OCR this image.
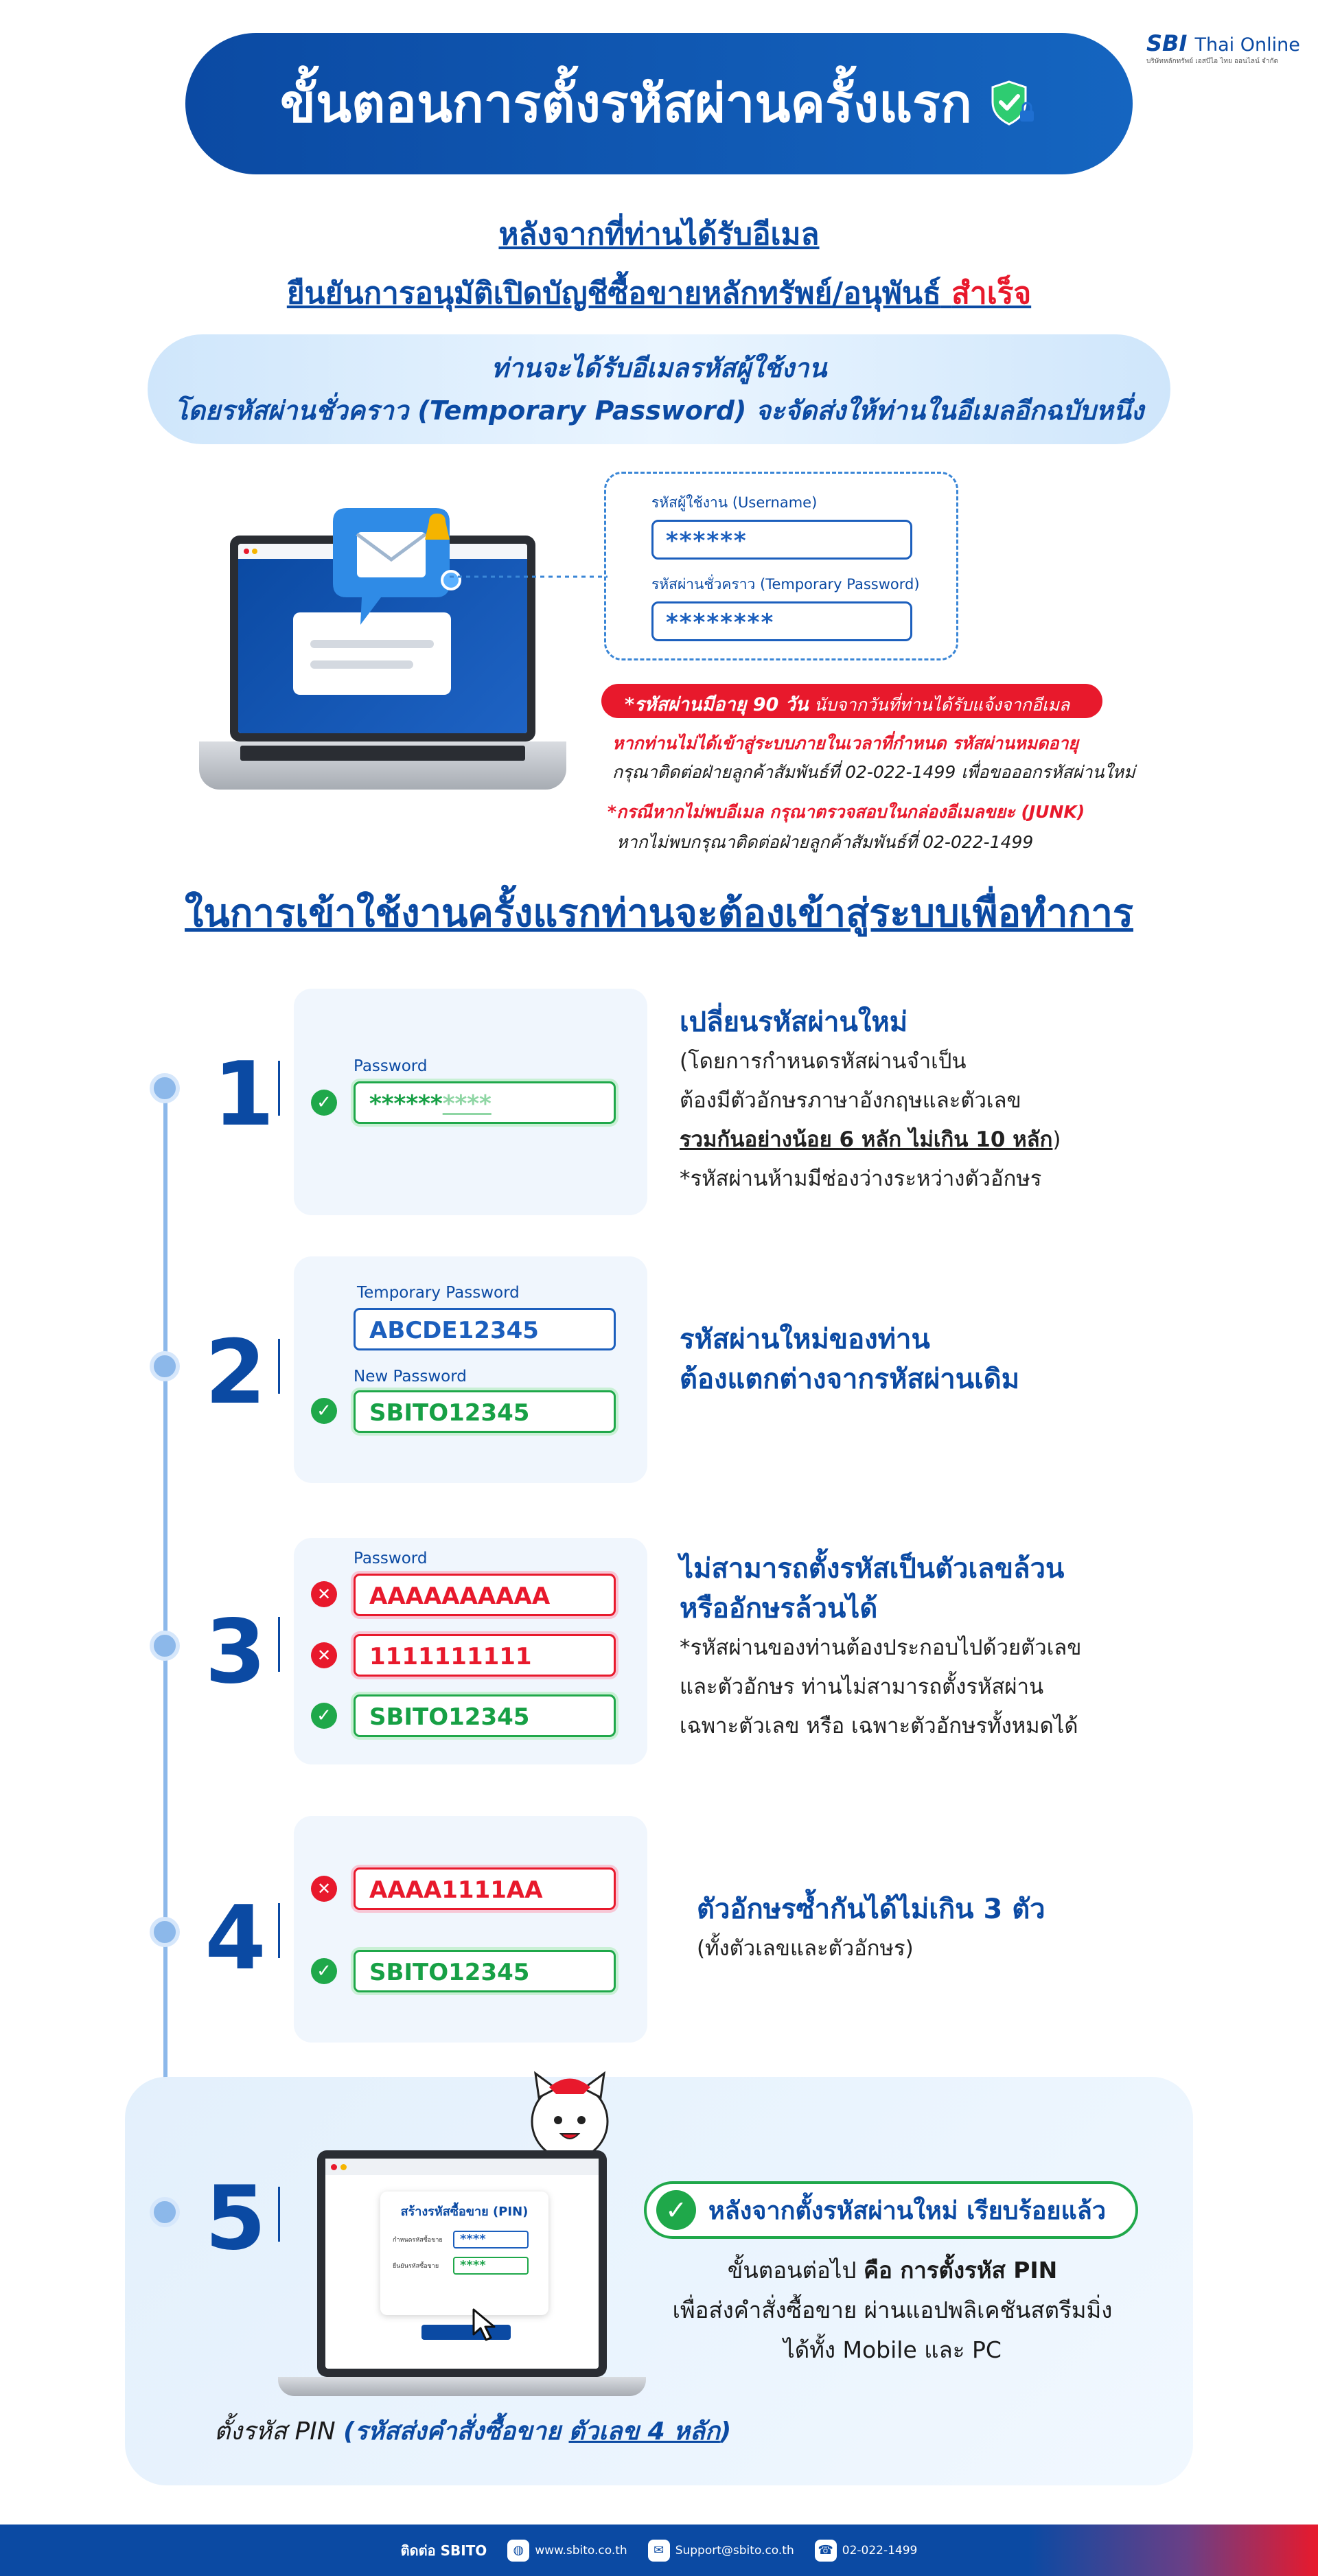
ขั้นตอนการตั้งรหัสผ่านครั้งแรก
SBI Thai Online
บริษัทหลักทรัพย์ เอสบีไอ ไทย ออนไลน์ จำกัด
หลังจากที่ท่านได้รับอีเมล
ยืนยันการอนุมัติเปิดบัญชีซื้อขายหลักทรัพย์/อนุพันธ์ สำเร็จ
ท่านจะได้รับอีเมลรหัสผู้ใช้งาน
โดยรหัสผ่านชั่วคราว (Temporary Password) จะจัดส่งให้ท่านในอีเมลอีกฉบับหนึ่ง
รหัสผู้ใช้งาน (Username)
******
รหัสผ่านชั่วคราว (Temporary Password)
********
*รหัสผ่านมีอายุ 90 วัน นับจากวันที่ท่านได้รับแจ้งจากอีเมล
หากท่านไม่ได้เข้าสู่ระบบภายในเวลาที่กำหนด รหัสผ่านหมดอายุ
กรุณาติดต่อฝ่ายลูกค้าสัมพันธ์ที่ 02-022-1499 เพื่อขอออกรหัสผ่านใหม่
*กรณีหากไม่พบอีเมล กรุณาตรวจสอบในกล่องอีเมลขยะ (JUNK)
หากไม่พบกรุณาติดต่อฝ่ายลูกค้าสัมพันธ์ที่ 02-022-1499
ในการเข้าใช้งานครั้งแรกท่านจะต้องเข้าสู่ระบบเพื่อทำการ
1	Password
✓	**********
เปลี่ยนรหัสผ่านใหม่
(โดยการกำหนดรหัสผ่านจำเป็น
ต้องมีตัวอักษรภาษาอังกฤษและตัวเลข
รวมกันอย่างน้อย 6 หลัก ไม่เกิน 10 หลัก)
*รหัสผ่านห้ามมีช่องว่างระหว่างตัวอักษร
2
Temporary Password
ABCDE12345
New Password
✓	SBITO12345
รหัสผ่านใหม่ของท่าน
ต้องแตกต่างจากรหัสผ่านเดิม
3
Password
✕	AAAAAAAAAA
✕	1111111111
✓	SBITO12345
ไม่สามารถตั้งรหัสเป็นตัวเลขล้วน
หรืออักษรล้วนได้
*รหัสผ่านของท่านต้องประกอบไปด้วยตัวเลข
และตัวอักษร ท่านไม่สามารถตั้งรหัสผ่าน
เฉพาะตัวเลข หรือ เฉพาะตัวอักษรทั้งหมดได้
4	✕	AAAA1111AA
✓	SBITO12345
ตัวอักษรซ้ำกันได้ไม่เกิน 3 ตัว
(ทั้งตัวเลขและตัวอักษร)
5	สร้างรหัสซื้อขาย (PIN)
กำหนดรหัสซื้อขาย	****
ยืนยันรหัสซื้อขาย	****
✓ หลังจากตั้งรหัสผ่านใหม่ เรียบร้อยแล้ว
ขั้นตอนต่อไป คือ การตั้งรหัส PIN
เพื่อส่งคำสั่งซื้อขาย ผ่านแอปพลิเคชันสตรีมมิ่ง
ได้ทั้ง Mobile และ PC
ตั้งรหัส PIN (รหัสส่งคำสั่งซื้อขาย ตัวเลข 4 หลัก)
ติดต่อ SBITO	◍ www.sbito.co.th	✉ Support@sbito.co.th ☎ 02-022-1499
